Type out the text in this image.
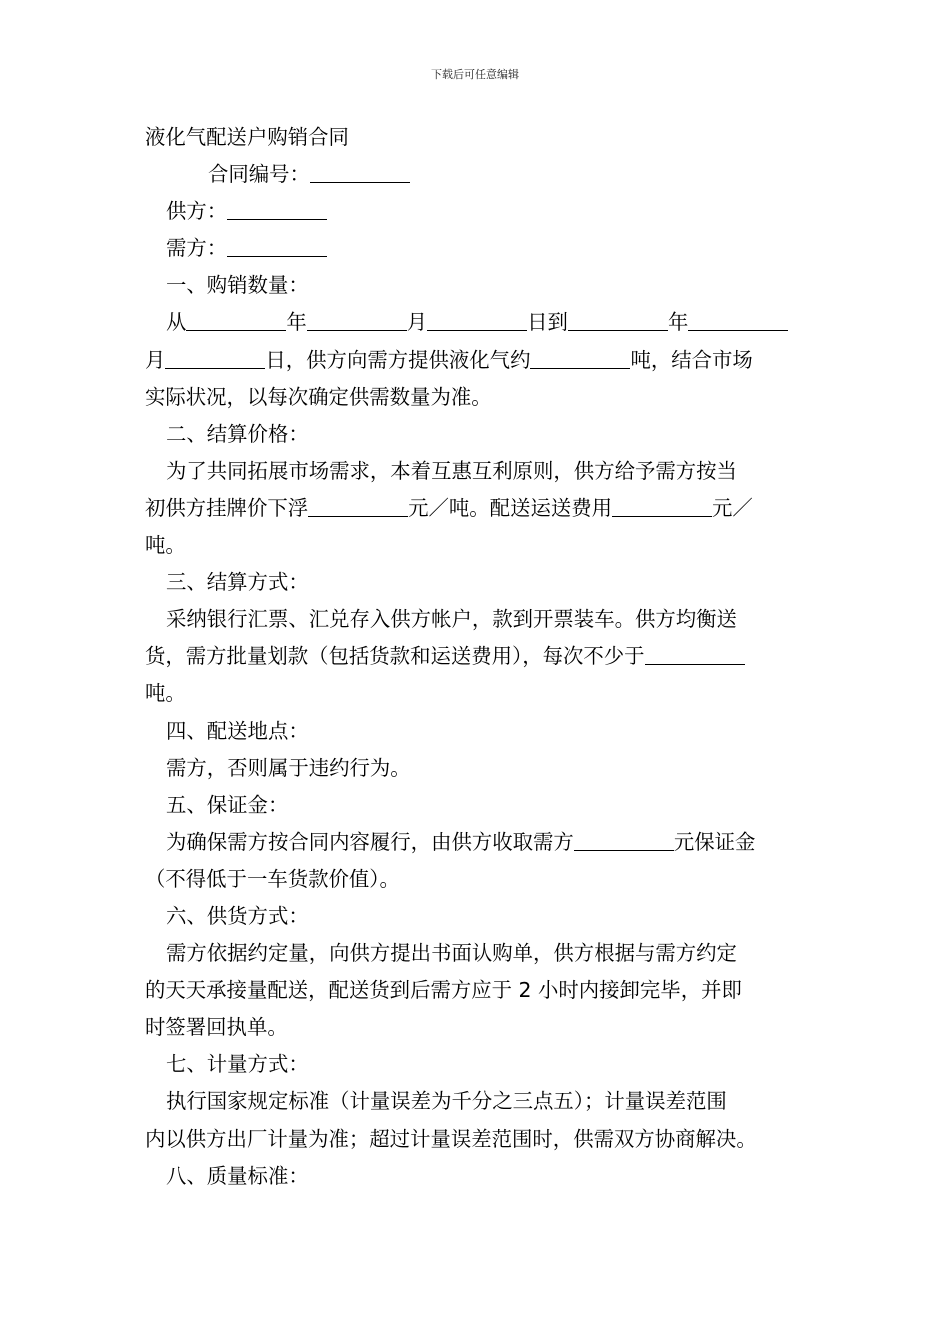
下载后可任意编辑
液化气配送户购销合同
合同编号：
供方：
需方：
一、购销数量：
从	年	月	日到	年
月	日，供方向需方提供液化气约	吨，结合市场
实际状况，以每次确定供需数量为准。
二、结算价格：
为了共同拓展市场需求，本着互惠互利原则，供方给予需方按当
初供方挂牌价下浮	元／吨。配送运送费用	元／
吨。
三、结算方式：
采纳银行汇票、汇兑存入供方帐户，款到开票装车。供方均衡送
货，需方批量划款（包括货款和运送费用），每次不少于
吨。
四、配送地点：
需方，否则属于违约行为。
五、保证金：
为确保需方按合同内容履行，由供方收取需方	元保证金
（不得低于一车货款价值）。
六、供货方式：
需方依据约定量，向供方提出书面认购单，供方根据与需方约定
的天天承接量配送，配送货到后需方应于 2 小时内接卸完毕，并即
时签署回执单。
七、计量方式：
执行国家规定标准（计量误差为千分之三点五）；计量误差范围
内以供方出厂计量为准；超过计量误差范围时，供需双方协商解决。
八、质量标准：
